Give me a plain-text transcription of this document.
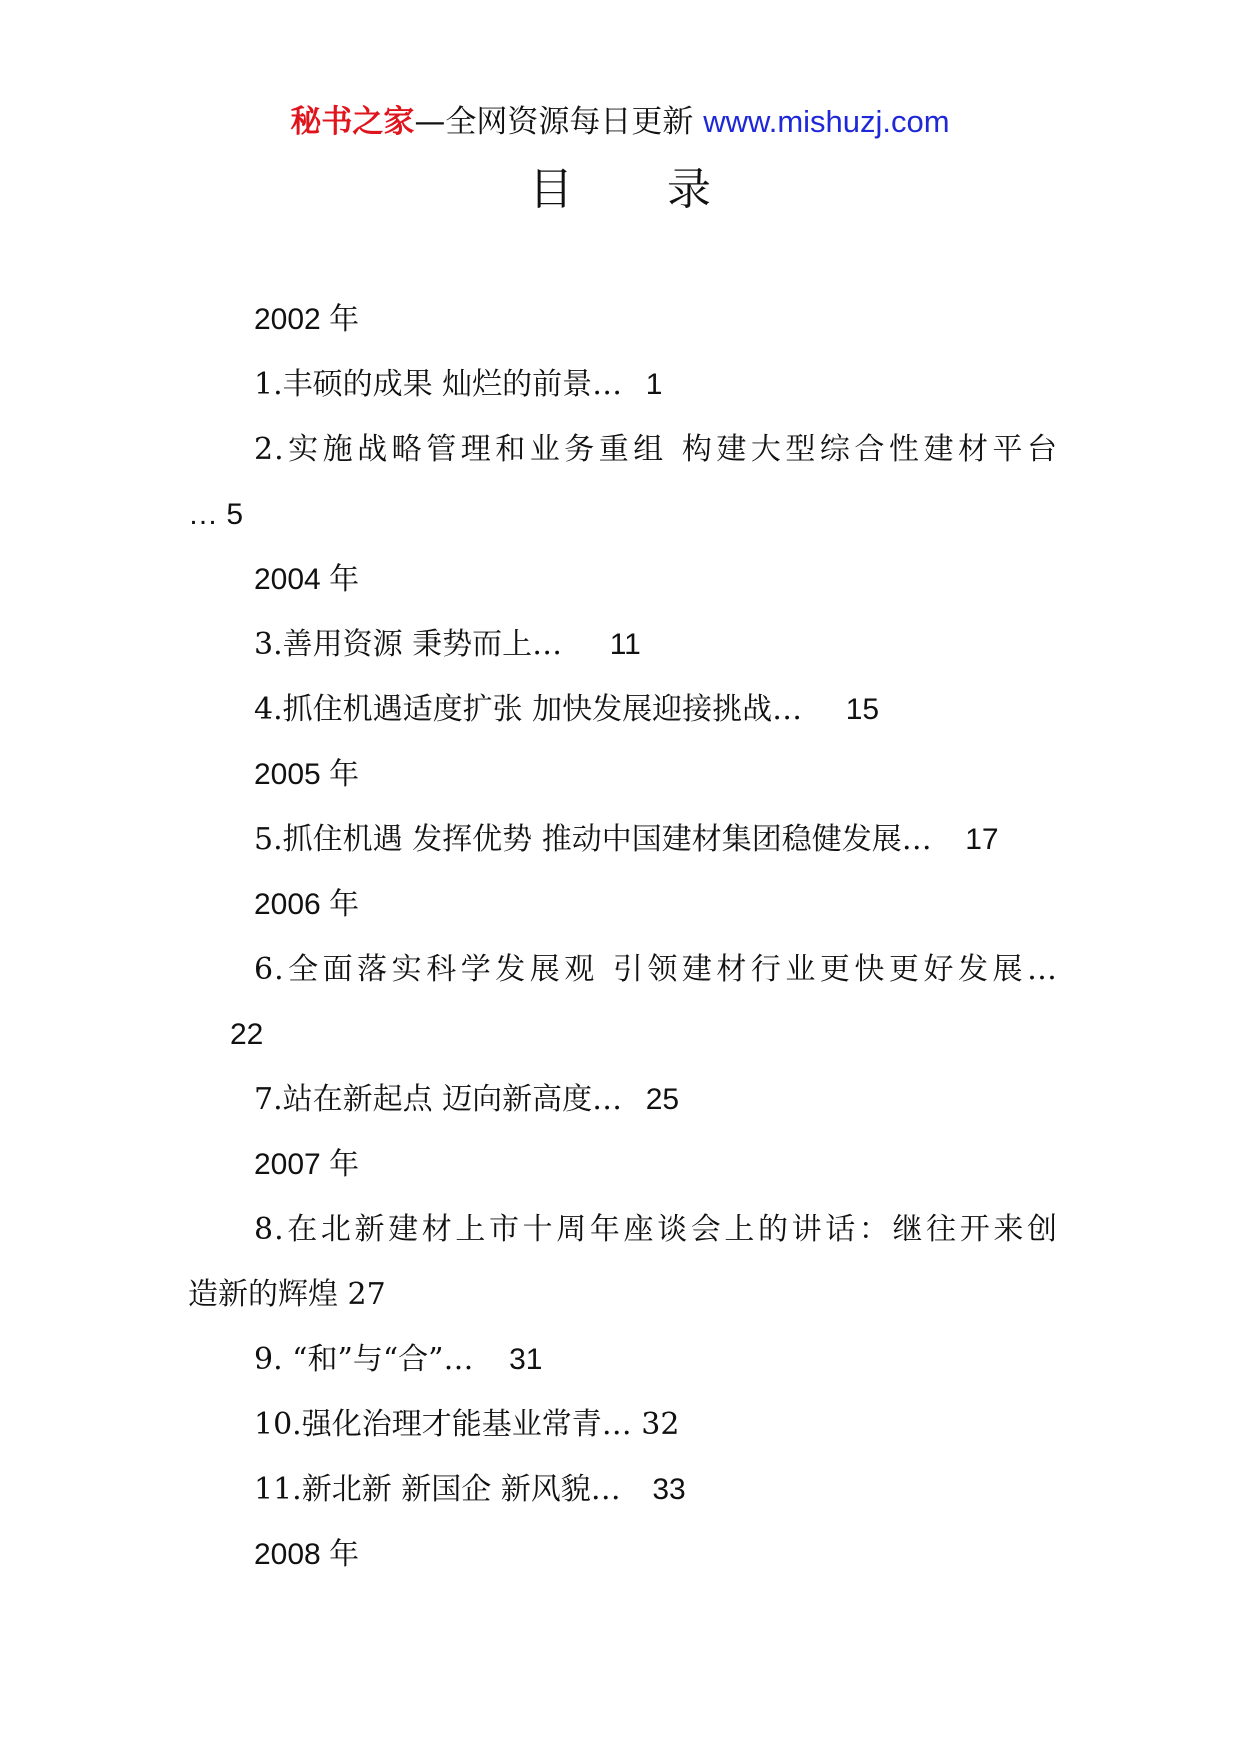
秘书之家—全网资源每日更新 www.mishuzj.com
目 录
2002 年
1.丰硕的成果 灿烂的前景… 1
2.实施战略管理和业务重组 构建大型综合性建材平台
… 5
2004 年
3.善用资源 秉势而上… 11
4.抓住机遇适度扩张 加快发展迎接挑战… 15
2005 年
5.抓住机遇 发挥优势 推动中国建材集团稳健发展… 17
2006 年
6.全面落实科学发展观 引领建材行业更快更好发展…
22
7.站在新起点 迈向新高度… 25
2007 年
8.在北新建材上市十周年座谈会上的讲话：继往开来创
造新的辉煌 27
9. “和”与“合”… 31
10.强化治理才能基业常青… 32
11.新北新 新国企 新风貌… 33
2008 年
